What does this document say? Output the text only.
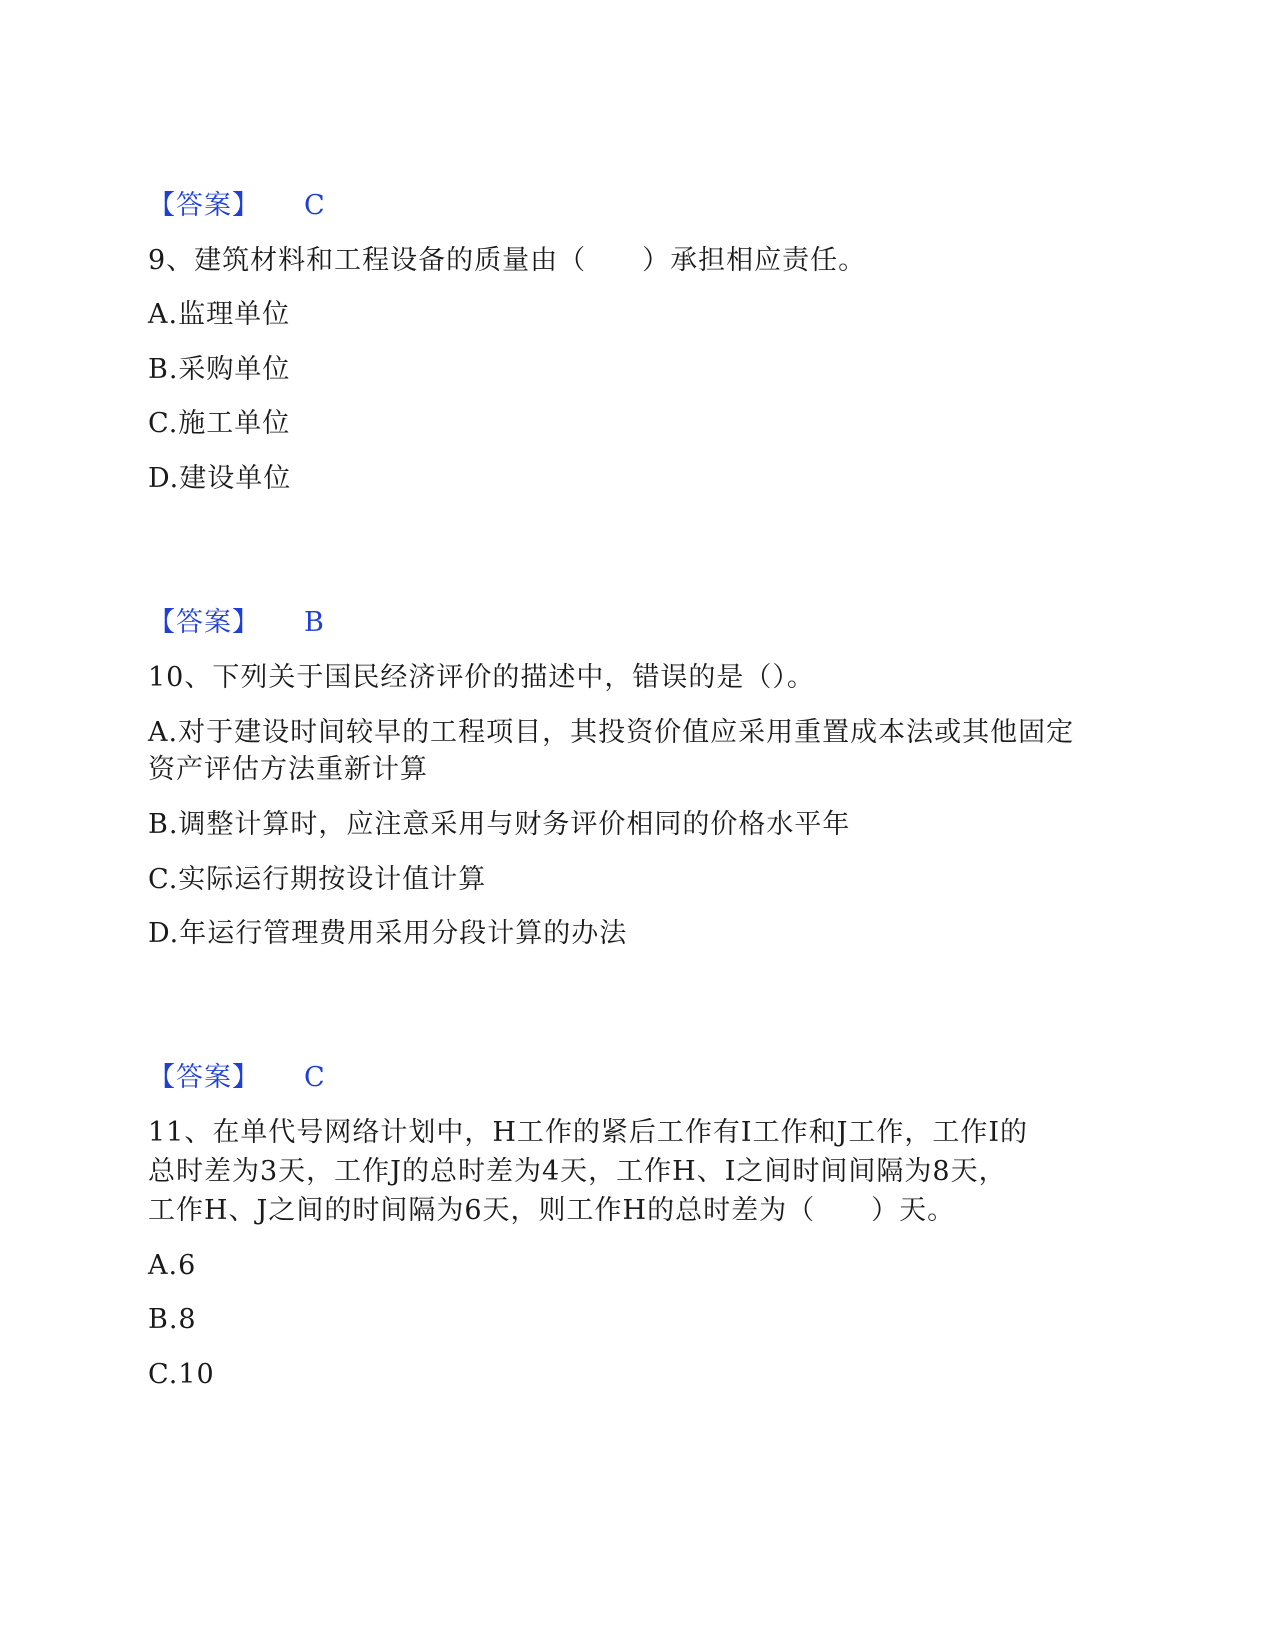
【答案】 C
9、建筑材料和工程设备的质量由（　　）承担相应责任。
A.监理单位
B.采购单位
C.施工单位
D.建设单位
【答案】 B
10、下列关于国民经济评价的描述中，错误的是（）。
A.对于建设时间较早的工程项目，其投资价值应采用重置成本法或其他固定
资产评估方法重新计算
B.调整计算时，应注意采用与财务评价相同的价格水平年
C.实际运行期按设计值计算
D.年运行管理费用采用分段计算的办法
【答案】 C
11、在单代号网络计划中，H工作的紧后工作有I工作和J工作，工作I的
总时差为3天，工作J的总时差为4天，工作H、I之间时间间隔为8天，
工作H、J之间的时间隔为6天，则工作H的总时差为（　　）天。
A.6
B.8
C.10
